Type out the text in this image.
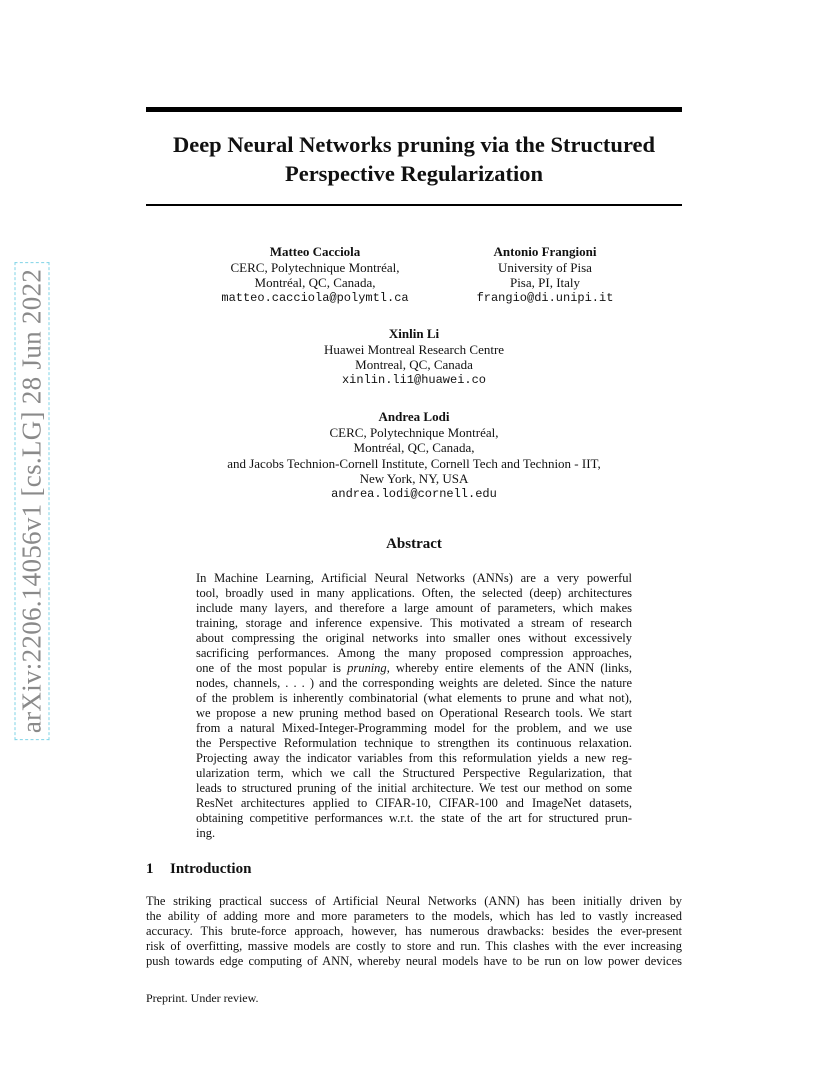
arXiv:2206.14056v1 [cs.LG] 28 Jun 2022
Deep Neural Networks pruning via the Structured
Perspective Regularization
Matteo Cacciola
CERC, Polytechnique Montréal,
Montréal, QC, Canada,
matteo.cacciola@polymtl.ca
Antonio Frangioni
University of Pisa
Pisa, PI, Italy
frangio@di.unipi.it
Xinlin Li
Huawei Montreal Research Centre
Montreal, QC, Canada
xinlin.li1@huawei.co
Andrea Lodi
CERC, Polytechnique Montréal,
Montréal, QC, Canada,
and Jacobs Technion-Cornell Institute, Cornell Tech and Technion - IIT,
New York, NY, USA
andrea.lodi@cornell.edu
Abstract
In Machine Learning, Artificial Neural Networks (ANNs) are a very powerful
tool, broadly used in many applications. Often, the selected (deep) architectures
include many layers, and therefore a large amount of parameters, which makes
training, storage and inference expensive. This motivated a stream of research
about compressing the original networks into smaller ones without excessively
sacrificing performances. Among the many proposed compression approaches,
one of the most popular is pruning, whereby entire elements of the ANN (links,
nodes, channels, . . . ) and the corresponding weights are deleted. Since the nature
of the problem is inherently combinatorial (what elements to prune and what not),
we propose a new pruning method based on Operational Research tools. We start
from a natural Mixed-Integer-Programming model for the problem, and we use
the Perspective Reformulation technique to strengthen its continuous relaxation.
Projecting away the indicator variables from this reformulation yields a new reg-
ularization term, which we call the Structured Perspective Regularization, that
leads to structured pruning of the initial architecture. We test our method on some
ResNet architectures applied to CIFAR-10, CIFAR-100 and ImageNet datasets,
obtaining competitive performances w.r.t. the state of the art for structured prun-
ing.
1 Introduction
The striking practical success of Artificial Neural Networks (ANN) has been initially driven by
the ability of adding more and more parameters to the models, which has led to vastly increased
accuracy. This brute-force approach, however, has numerous drawbacks: besides the ever-present
risk of overfitting, massive models are costly to store and run. This clashes with the ever increasing
push towards edge computing of ANN, whereby neural models have to be run on low power devices
Preprint. Under review.
